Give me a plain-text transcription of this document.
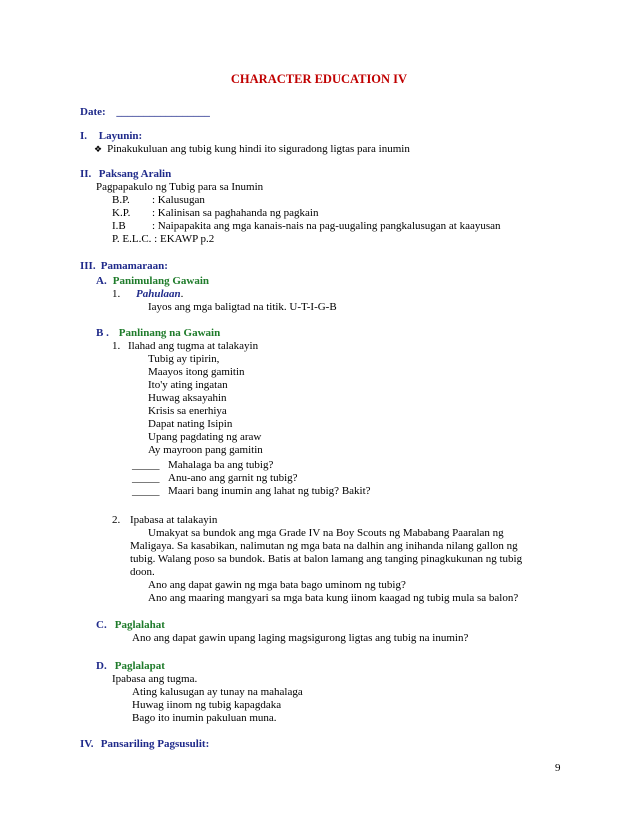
CHARACTER EDUCATION IV
Date: _________________
I. Layunin:
❖ Pinakukuluan ang tubig kung hindi ito siguradong ligtas para inumin
II. Paksang Aralin
Pagpapakulo ng Tubig para sa Inumin
B.P. : Kalusugan
K.P. : Kalinisan sa paghahanda ng pagkain
I.B : Naipapakita ang mga kanais-nais na pag-uugaling pangkalusugan at kaayusan
P. E.L.C. : EKAWP p.2
III. Pamamaraan:
A. Panimulang Gawain
1. Pahulaan.
Iayos ang mga baligtad na titik. U-T-I-G-B
B . Panlinang na Gawain
1. Ilahad ang tugma at talakayin
Tubig ay tipirin,
Maayos itong gamitin
Ito'y ating ingatan
Huwag aksayahin
Krisis sa enerhiya
Dapat nating Isipin
Upang pagdating ng araw
Ay mayroon pang gamitin
_____ Mahalaga ba ang tubig?
_____ Anu-ano ang garnit ng tubig?
_____ Maari bang inumin ang lahat ng tubig? Bakit?
2. Ipabasa at talakayin
Umakyat sa bundok ang mga Grade IV na Boy Scouts ng Mababang Paaralan ng
Maligaya. Sa kasabikan, nalimutan ng mga bata na dalhin ang inihanda nilang gallon ng
tubig. Walang poso sa bundok. Batis at balon lamang ang tanging pinagkukunan ng tubig
doon.
Ano ang dapat gawin ng mga bata bago uminom ng tubig?
Ano ang maaring mangyari sa mga bata kung iinom kaagad ng tubig mula sa balon?
C. Paglalahat
Ano ang dapat gawin upang laging magsigurong ligtas ang tubig na inumin?
D. Paglalapat
Ipabasa ang tugma.
Ating kalusugan ay tunay na mahalaga
Huwag iinom ng tubig kapagdaka
Bago ito inumin pakuluan muna.
IV. Pansariling Pagsusulit:
9
